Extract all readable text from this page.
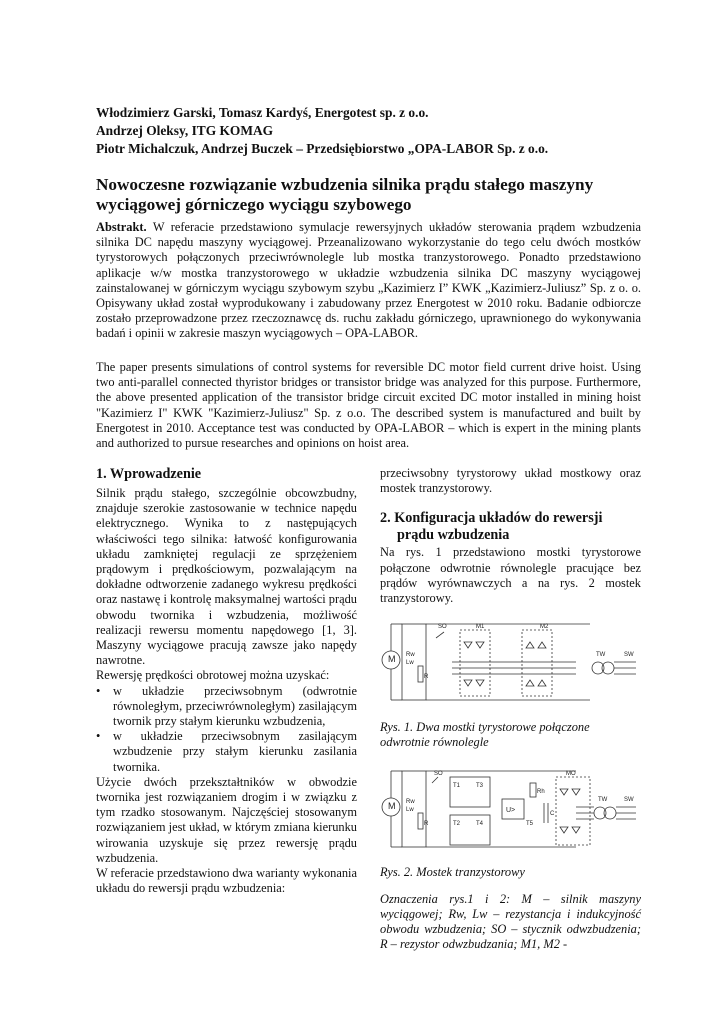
Włodzimierz Garski, Tomasz Kardyś, Energotest sp. z o.o.
Andrzej Oleksy, ITG KOMAG
Piotr Michalczuk, Andrzej Buczek – Przedsiębiorstwo „OPA-LABOR Sp. z o.o.
Nowoczesne rozwiązanie wzbudzenia silnika prądu stałego maszyny wyciągowej górniczego wyciągu szybowego
Abstrakt. W referacie przedstawiono symulacje rewersyjnych układów sterowania prądem wzbudzenia silnika DC napędu maszyny wyciągowej. Przeanalizowano wykorzystanie do tego celu dwóch mostków tyrystorowych połączonych przeciwrównolegle lub mostka tranzystorowego. Ponadto przedstawiono aplikacje w/w mostka tranzystorowego w układzie wzbudzenia silnika DC maszyny wyciągowej zainstalowanej w górniczym wyciągu szybowym szybu „Kazimierz I” KWK „Kazimierz-Juliusz” Sp. z o. o. Opisywany układ został wyprodukowany i zabudowany przez Energotest w 2010 roku. Badanie odbiorcze zostało przeprowadzone przez rzeczoznawcę ds. ruchu zakładu górniczego, uprawnionego do wykonywania badań i opinii w zakresie maszyn wyciągowych – OPA-LABOR.
The paper presents simulations of control systems for reversible DC motor field current drive hoist. Using two anti-parallel connected thyristor bridges or transistor bridge was analyzed for this purpose. Furthermore, the above presented application of the transistor bridge circuit excited DC motor installed in mining hoist "Kazimierz I" KWK "Kazimierz-Juliusz" Sp. z o.o. The described system is manufactured and built by Energotest in 2010. Acceptance test was conducted by OPA-LABOR – which is expert in the mining plants and authorized to pursue researches and opinions on hoist area.
1. Wprowadzenie

Silnik prądu stałego, szczególnie obcowzbudny, znajduje szerokie zastosowanie w technice napędu elektrycznego. Wynika to z następujących właściwości tego silnika: łatwość konfigurowania układu zamkniętej regulacji ze sprzężeniem prądowym i prędkościowym, pozwalającym na dokładne odtworzenie zadanego wykresu prędkości oraz nastawę i kontrolę maksymalnej wartości prądu obwodu twornika i wzbudzenia, możliwość realizacji rewersu momentu napędowego [1, 3]. Maszyny wyciągowe pracują zawsze jako napędy nawrotne.

Rewersję prędkości obrotowej można uzyskać:

• w układzie przeciwsobnym (odwrotnie równoległym, przeciwrównoległym) zasilającym twornik przy stałym kierunku wzbudzenia,
• w układzie przeciwsobnym zasilającym wzbudzenie przy stałym kierunku zasilania twornika.

Użycie dwóch przekształtników w obwodzie twornika jest rozwiązaniem drogim i w związku z tym rzadko stosowanym. Najczęściej stosowanym rozwiązaniem jest układ, w którym zmiana kierunku wirowania uzyskuje się przez rewersję prądu wzbudzenia.

W referacie przedstawiono dwa warianty wykonania układu do rewersji prądu wzbudzenia:

przeciwsobny tyrystorowy układ mostkowy oraz mostek tranzystorowy.

2. Konfiguracja układów do rewersji prądu wzbudzenia

Na rys. 1 przedstawiono mostki tyrystorowe połączone odwrotnie równolegle pracujące bez prądów wyrównawczych a na rys. 2 mostek tranzystorowy.

M Rw
Lw
R
SO	M1	M2
TW	SW
Rys. 1. Dwa mostki tyrystorowe połączone odwrotnie równolegle
M Rw
Lw
R
SO
T1	T3
T2	T4
U>
T5
Rh
C
MO
TW	SW
Rys. 2. Mostek tranzystorowy

Oznaczenia rys.1 i 2: M – silnik maszyny wyciągowej; Rw, Lw – rezystancja i indukcyjność obwodu wzbudzenia; SO – stycznik odwzbudzenia; R – rezystor odwzbudzania; M1, M2 -
